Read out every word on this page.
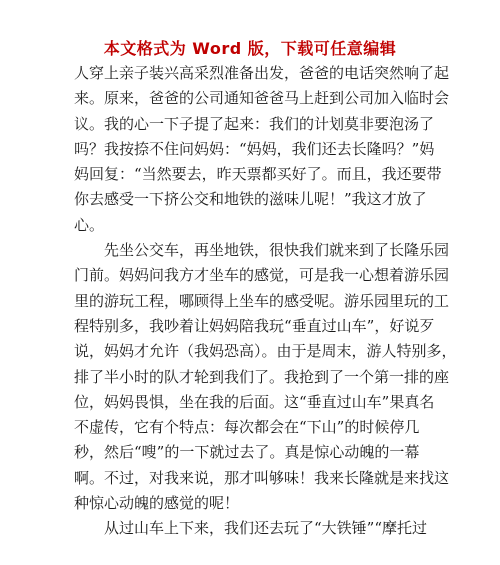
本文格式为 Word 版，下载可任意编辑
人穿上亲子装兴高采烈准备出发，爸爸的电话突然响了起
来。原来，爸爸的公司通知爸爸马上赶到公司加入临时会
议。我的心一下子提了起来：我们的计划莫非要泡汤了
吗？我按捺不住问妈妈：“妈妈，我们还去长隆吗？”妈
妈回复：“当然要去，昨天票都买好了。而且，我还要带
你去感受一下挤公交和地铁的滋味儿呢！”我这才放了
心。
先坐公交车，再坐地铁，很快我们就来到了长隆乐园
门前。妈妈问我方才坐车的感觉，可是我一心想着游乐园
里的游玩工程，哪顾得上坐车的感受呢。游乐园里玩的工
程特别多，我吵着让妈妈陪我玩“垂直过山车”，好说歹
说，妈妈才允许（我妈恐高）。由于是周末，游人特别多，
排了半小时的队才轮到我们了。我抢到了一个第一排的座
位，妈妈畏惧，坐在我的后面。这“垂直过山车”果真名
不虚传，它有个特点：每次都会在“下山”的时候停几
秒，然后“嗖”的一下就过去了。真是惊心动魄的一幕
啊。不过，对我来说，那才叫够味！我来长隆就是来找这
种惊心动魄的感觉的呢！
从过山车上下来，我们还去玩了“大铁锤”“摩托过
